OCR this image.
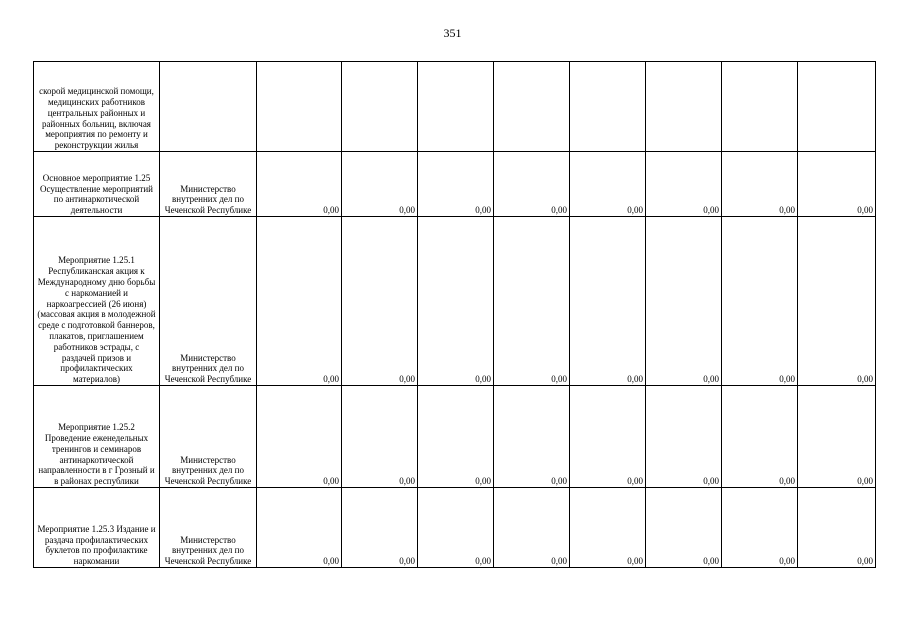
351
скорой медицинской помощи, медицинских работников центральных районных и районных больниц, включая мероприятия по ремонту и реконструкции жилья									
Основное мероприятие 1.25 Осуществление мероприятий по антинаркотической деятельности	Министерство внутренних дел по Чеченской Республике	0,00	0,00	0,00	0,00	0,00	0,00	0,00	0,00
Мероприятие 1.25.1 Республиканская акция к Международному дню борьбы с наркоманией и наркоагрессией (26 июня) (массовая акция в молодежной среде с подготовкой баннеров, плакатов, приглашением работников эстрады, с раздачей призов и профилактических материалов)	Министерство внутренних дел по Чеченской Республике	0,00	0,00	0,00	0,00	0,00	0,00	0,00	0,00
Мероприятие 1.25.2 Проведение еженедельных тренингов и семинаров антинаркотической направленности в г Грозный и в районах республики	Министерство внутренних дел по Чеченской Республике	0,00	0,00	0,00	0,00	0,00	0,00	0,00	0,00
Мероприятие 1.25.3 Издание и раздача профилактических буклетов по профилактике наркомании	Министерство внутренних дел по Чеченской Республике	0,00	0,00	0,00	0,00	0,00	0,00	0,00	0,00
